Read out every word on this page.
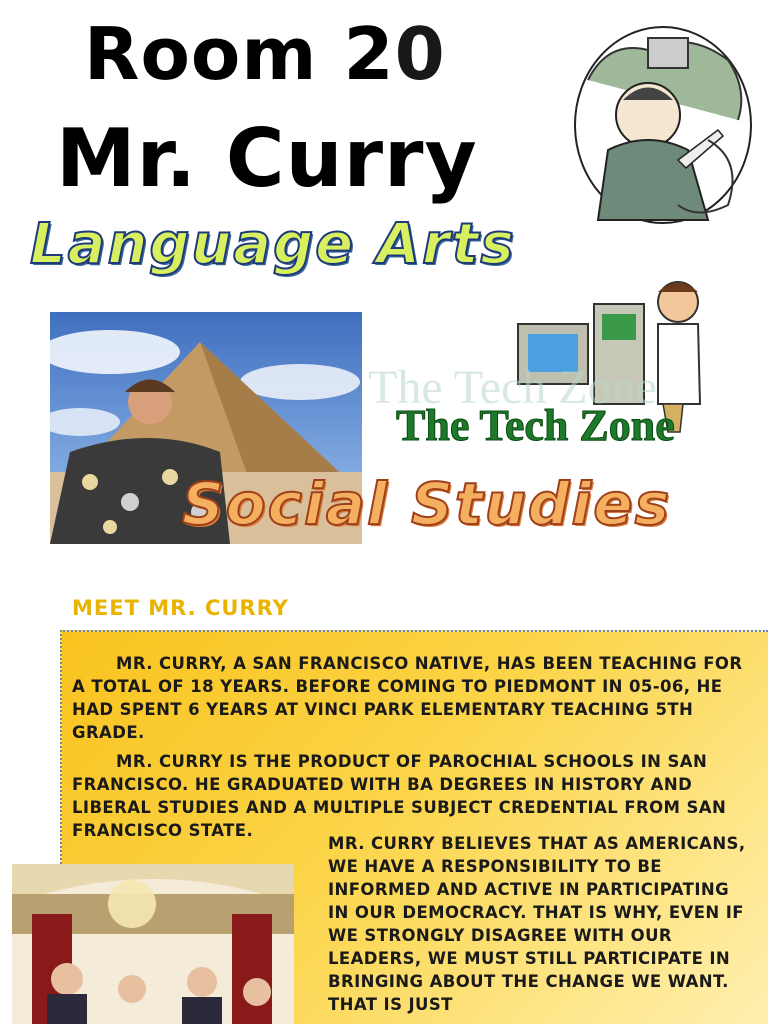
Room 20
Mr. Curry
Language Arts
The Tech Zone
The Tech Zone
Social Studies
MEET MR. CURRY
MR. CURRY, A SAN FRANCISCO NATIVE, HAS BEEN TEACHING FOR A TOTAL OF 18 YEARS. BEFORE COMING TO PIEDMONT IN 05-06, HE HAD SPENT 6 YEARS AT VINCI PARK ELEMENTARY TEACHING 5TH GRADE.
MR. CURRY IS THE PRODUCT OF PAROCHIAL SCHOOLS IN SAN FRANCISCO. HE GRADUATED WITH BA DEGREES IN HISTORY AND LIBERAL STUDIES AND A MULTIPLE SUBJECT CREDENTIAL FROM SAN FRANCISCO STATE.
MR. CURRY BELIEVES THAT AS AMERICANS, WE HAVE A RESPONSIBILITY TO BE INFORMED AND ACTIVE IN PARTICIPATING IN OUR DEMOCRACY. THAT IS WHY, EVEN IF WE STRONGLY DISAGREE WITH OUR LEADERS, WE MUST STILL PARTICIPATE IN BRINGING ABOUT THE CHANGE WE WANT. THAT IS JUST
